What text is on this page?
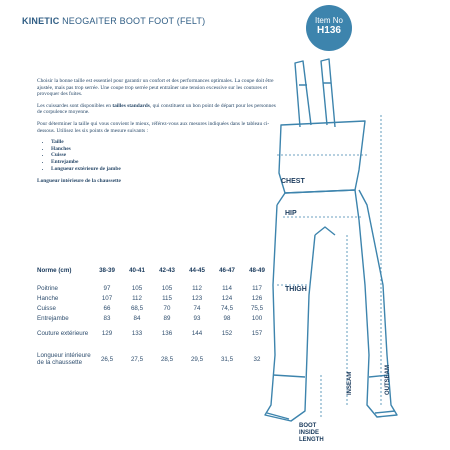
KINETIC NEOGAITER BOOT FOOT (FELT)	Item No
H136

Choisir la bonne taille est essentiel pour garantir un confort et des performances optimales. La coupe doit être ajustée, mais pas trop serrée. Une coupe trop serrée peut entraîner une tension excessive sur les coutures et provoquer des fuites.

Les cuissardes sont disponibles en tailles standards, qui constituent un bon point de départ pour les personnes de corpulence moyenne.

Pour déterminer la taille qui vous convient le mieux, référez-vous aux mesures indiquées dans le tableau ci-dessous. Utilisez les six points de mesure suivants :

• Taille
• Hanches
• Cuisse
• Entrejambe
• Longueur extérieure de jambe
Longueur intérieure de la chaussette
Norme (cm)	38-39	40-41	42-43	44-45	46-47	48-49
Poitrine	97	105	105	112	114	117
Hanche	107	112	115	123	124	126
Cuisse	66	68,5	70	74	74,5	75,5
Entrejambe	83	84	89	93	98	100
Couture extérieure	129	133	136	144	152	157
Longueur intérieure de la chaussette	26,5	27,5	28,5	29,5	31,5	32
CHEST
HIP
THIGH
INSEAM	OUTSEAM
BOOT
INSIDE
LENGTH
